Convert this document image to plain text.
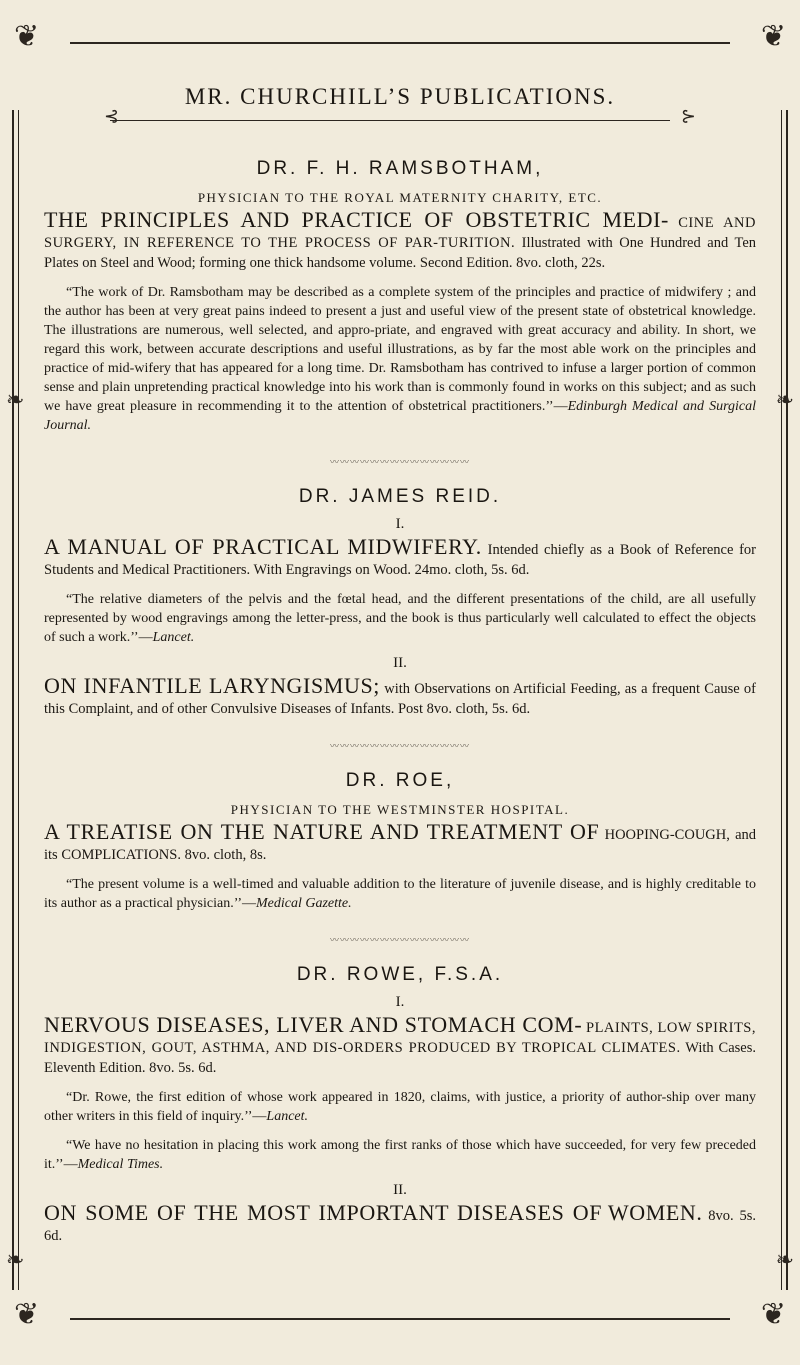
❦	❦
❦	❦
⊰	⊱
❧	❧
❧	❧
MR. CHURCHILL’S PUBLICATIONS.
DR. F. H. RAMSBOTHAM,
PHYSICIAN TO THE ROYAL MATERNITY CHARITY, ETC.

THE PRINCIPLES AND PRACTICE OF OBSTETRIC MEDI- CINE AND SURGERY, IN REFERENCE TO THE PROCESS OF PAR-TURITION. Illustrated with One Hundred and Ten Plates on Steel and Wood; forming one thick handsome volume. Second Edition. 8vo. cloth, 22s.

“The work of Dr. Ramsbotham may be described as a complete system of the principles and practice of midwifery ; and the author has been at very great pains indeed to present a just and useful view of the present state of obstetrical knowledge. The illustrations are numerous, well selected, and appro-priate, and engraved with great accuracy and ability. In short, we regard this work, between accurate descriptions and useful illustrations, as by far the most able work on the principles and practice of mid-wifery that has appeared for a long time. Dr. Ramsbotham has contrived to infuse a larger portion of common sense and plain unpretending practical knowledge into his work than is commonly found in works on this subject; and as such we have great pleasure in recommending it to the attention of obstetrical practitioners.’’—Edinburgh Medical and Surgical Journal.

〰〰〰〰〰〰〰〰〰〰〰〰〰〰
DR. JAMES REID.
I.

A MANUAL OF PRACTICAL MIDWIFERY. Intended chiefly as a Book of Reference for Students and Medical Practitioners. With Engravings on Wood. 24mo. cloth, 5s. 6d.

“The relative diameters of the pelvis and the fœtal head, and the different presentations of the child, are all usefully represented by wood engravings among the letter-press, and the book is thus particularly well calculated to effect the objects of such a work.’’—Lancet.

II.

ON INFANTILE LARYNGISMUS; with Observations on Artificial Feeding, as a frequent Cause of this Complaint, and of other Convulsive Diseases of Infants. Post 8vo. cloth, 5s. 6d.

〰〰〰〰〰〰〰〰〰〰〰〰〰〰
DR. ROE,
PHYSICIAN TO THE WESTMINSTER HOSPITAL.

A TREATISE ON THE NATURE AND TREATMENT OF HOOPING-COUGH, and its COMPLICATIONS. 8vo. cloth, 8s.

“The present volume is a well-timed and valuable addition to the literature of juvenile disease, and is highly creditable to its author as a practical physician.’’—Medical Gazette.

〰〰〰〰〰〰〰〰〰〰〰〰〰〰
DR. ROWE, F.S.A.
I.

NERVOUS DISEASES, LIVER AND STOMACH COM- PLAINTS, LOW SPIRITS, INDIGESTION, GOUT, ASTHMA, AND DIS-ORDERS PRODUCED BY TROPICAL CLIMATES. With Cases. Eleventh Edition. 8vo. 5s. 6d.

“Dr. Rowe, the first edition of whose work appeared in 1820, claims, with justice, a priority of author-ship over many other writers in this field of inquiry.’’—Lancet.

“We have no hesitation in placing this work among the first ranks of those which have succeeded, for very few preceded it.’’—Medical Times.

II.

ON SOME OF THE MOST IMPORTANT DISEASES OF WOMEN. 8vo. 5s. 6d.
